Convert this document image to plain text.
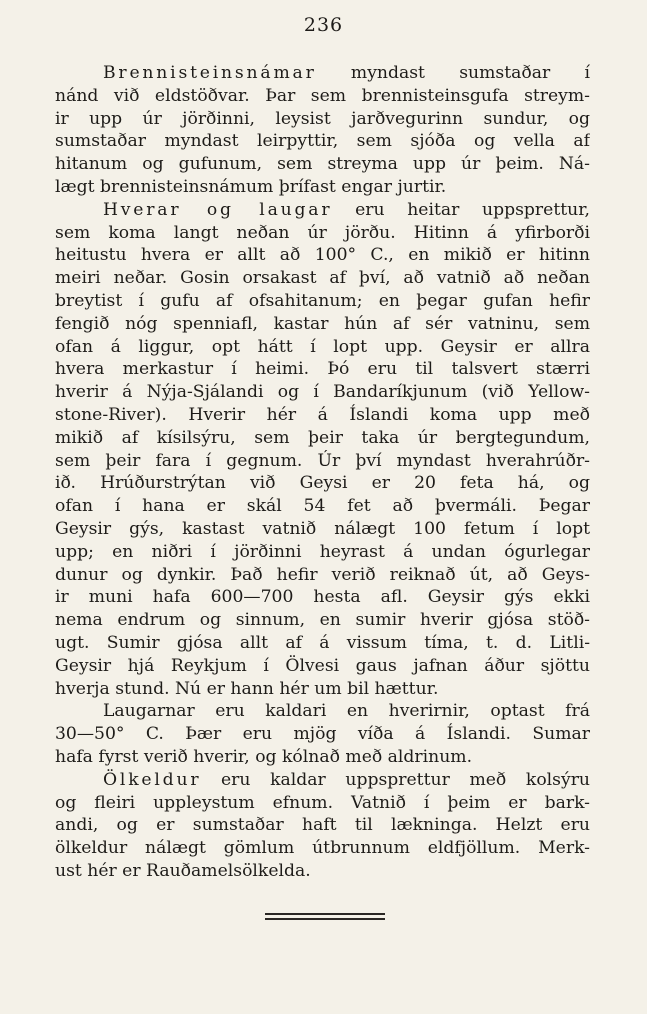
236
Brennisteinsnámar myndast sumstaðar í
nánd við eldstöðvar. Þar sem brennisteinsgufa streym-
ir upp úr jörðinni, leysist jarðvegurinn sundur, og
sumstaðar myndast leirpyttir, sem sjóða og vella af
hitanum og gufunum, sem streyma upp úr þeim. Ná-
lægt brennisteinsnámum þrífast engar jurtir.
Hverar og laugar eru heitar uppsprettur,
sem koma langt neðan úr jörðu. Hitinn á yfirborði
heitustu hvera er allt að 100° C., en mikið er hitinn
meiri neðar. Gosin orsakast af því, að vatnið að neðan
breytist í gufu af ofsahitanum; en þegar gufan hefir
fengið nóg spenniafl, kastar hún af sér vatninu, sem
ofan á liggur, opt hátt í lopt upp. Geysir er allra
hvera merkastur í heimi. Þó eru til talsvert stærri
hverir á Nýja-Sjálandi og í Bandaríkjunum (við Yellow-
stone-River). Hverir hér á Íslandi koma upp með
mikið af kísilsýru, sem þeir taka úr bergtegundum,
sem þeir fara í gegnum. Úr því myndast hverahrúðr-
ið. Hrúðurstrýtan við Geysi er 20 feta há, og
ofan í hana er skál 54 fet að þvermáli. Þegar
Geysir gýs, kastast vatnið nálægt 100 fetum í lopt
upp; en niðri í jörðinni heyrast á undan ógurlegar
dunur og dynkir. Það hefir verið reiknað út, að Geys-
ir muni hafa 600—700 hesta afl. Geysir gýs ekki
nema endrum og sinnum, en sumir hverir gjósa stöð-
ugt. Sumir gjósa allt af á vissum tíma, t. d. Litli-
Geysir hjá Reykjum í Ölvesi gaus jafnan áður sjöttu
hverja stund. Nú er hann hér um bil hættur.
Laugarnar eru kaldari en hverirnir, optast frá
30—50° C. Þær eru mjög víða á Íslandi. Sumar
hafa fyrst verið hverir, og kólnað með aldrinum.
Ölkeldur eru kaldar uppsprettur með kolsýru
og fleiri uppleystum efnum. Vatnið í þeim er bark-
andi, og er sumstaðar haft til lækninga. Helzt eru
ölkeldur nálægt gömlum útbrunnum eldfjöllum. Merk-
ust hér er Rauðamelsölkelda.
